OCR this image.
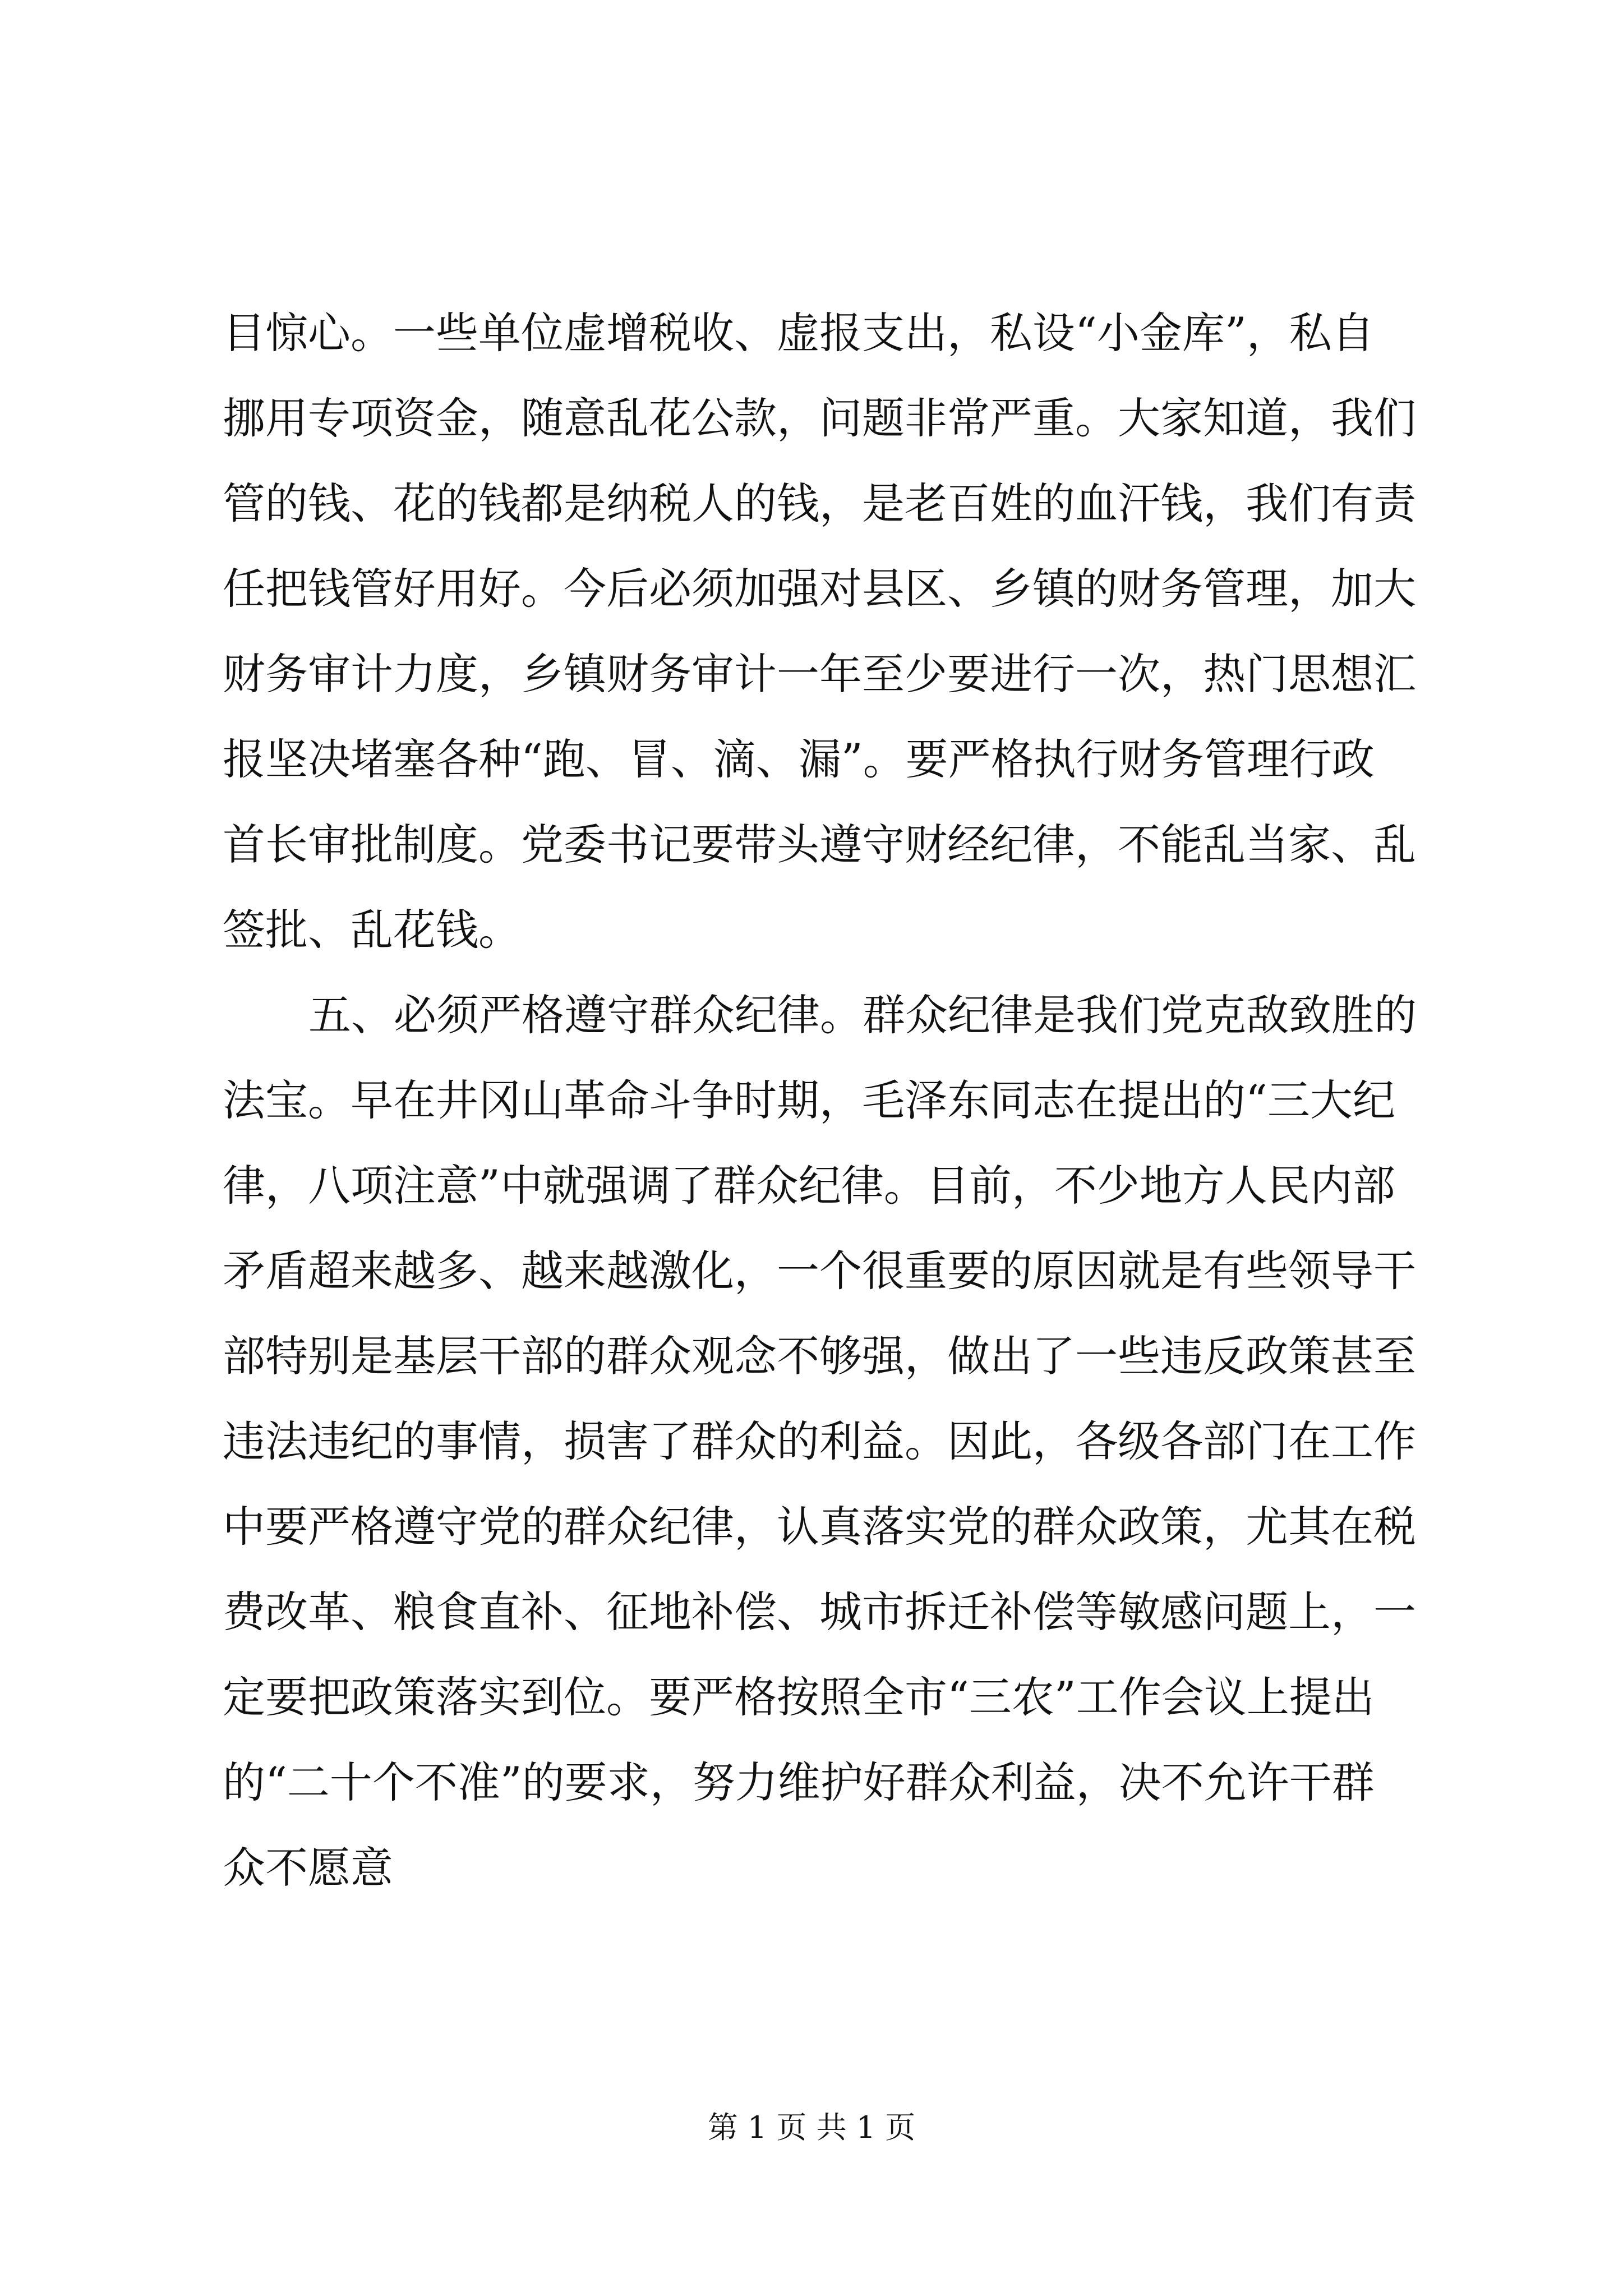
目惊心。一些单位虚增税收、虚报支出，私设“小金库”，私自
挪用专项资金，随意乱花公款，问题非常严重。大家知道，我们
管的钱、花的钱都是纳税人的钱，是老百姓的血汗钱，我们有责
任把钱管好用好。今后必须加强对县区、乡镇的财务管理，加大
财务审计力度，乡镇财务审计一年至少要进行一次，热门思想汇
报坚决堵塞各种“跑、冒、滴、漏”。要严格执行财务管理行政
首长审批制度。党委书记要带头遵守财经纪律，不能乱当家、乱
签批、乱花钱。
五、必须严格遵守群众纪律。群众纪律是我们党克敌致胜的
法宝。早在井冈山革命斗争时期，毛泽东同志在提出的“三大纪
律，八项注意”中就强调了群众纪律。目前，不少地方人民内部
矛盾超来越多、越来越激化，一个很重要的原因就是有些领导干
部特别是基层干部的群众观念不够强，做出了一些违反政策甚至
违法违纪的事情，损害了群众的利益。因此，各级各部门在工作
中要严格遵守党的群众纪律，认真落实党的群众政策，尤其在税
费改革、粮食直补、征地补偿、城市拆迁补偿等敏感问题上，一
定要把政策落实到位。要严格按照全市“三农”工作会议上提出
的“二十个不准”的要求，努力维护好群众利益，决不允许干群
众不愿意
第 1 页 共 1 页
